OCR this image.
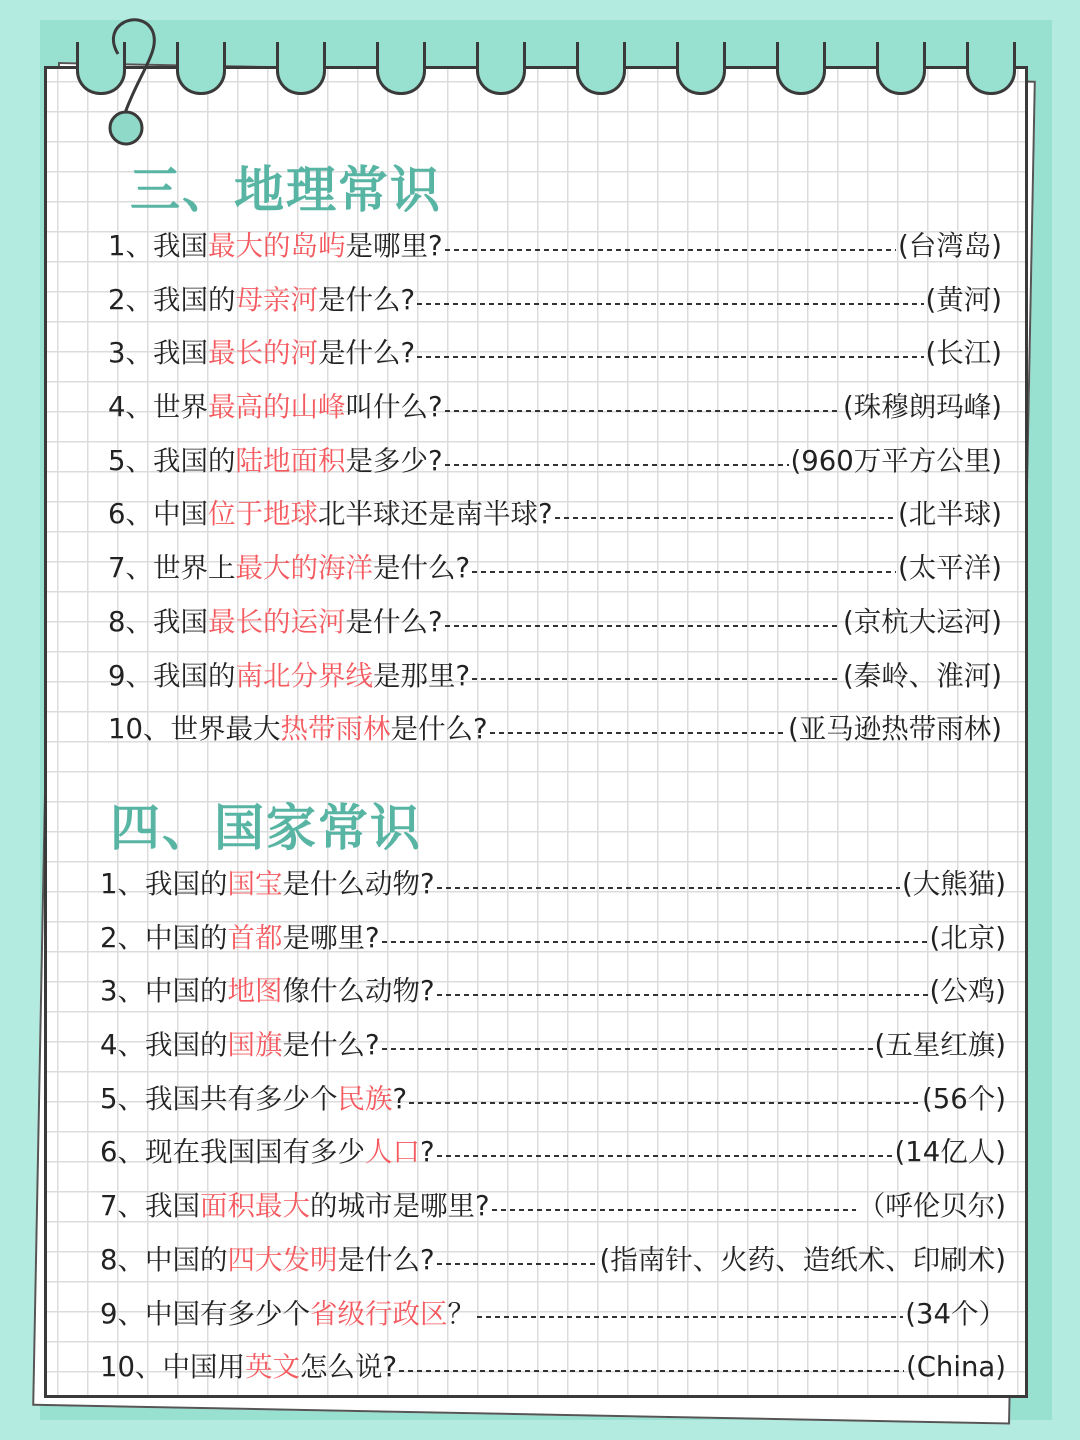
三、地理常识
1、我国最大的岛屿是哪里?	(台湾岛)
2、我国的母亲河是什么?	(黄河)
3、我国最长的河是什么?	(长江)
4、世界最高的山峰叫什么?	(珠穆朗玛峰)
5、我国的陆地面积是多少?	(960万平方公里)
6、中国位于地球北半球还是南半球?	(北半球)
7、世界上最大的海洋是什么?	(太平洋)
8、我国最长的运河是什么?	(京杭大运河)
9、我国的南北分界线是那里?	(秦岭、淮河)
10、世界最大热带雨林是什么?	(亚马逊热带雨林)
四、国家常识
1、我国的国宝是什么动物?	(大熊猫)
2、中国的首都是哪里?	(北京)
3、中国的地图像什么动物?	(公鸡)
4、我国的国旗是什么?	(五星红旗)
5、我国共有多少个民族?	(56个)
6、现在我国国有多少人口?	(14亿人)
7、我国面积最大的城市是哪里?	（呼伦贝尔)
8、中国的四大发明是什么?	(指南针、火药、造纸术、印刷术)
9、中国有多少个省级行政区？	(34个）
10、中国用英文怎么说?	(China)
